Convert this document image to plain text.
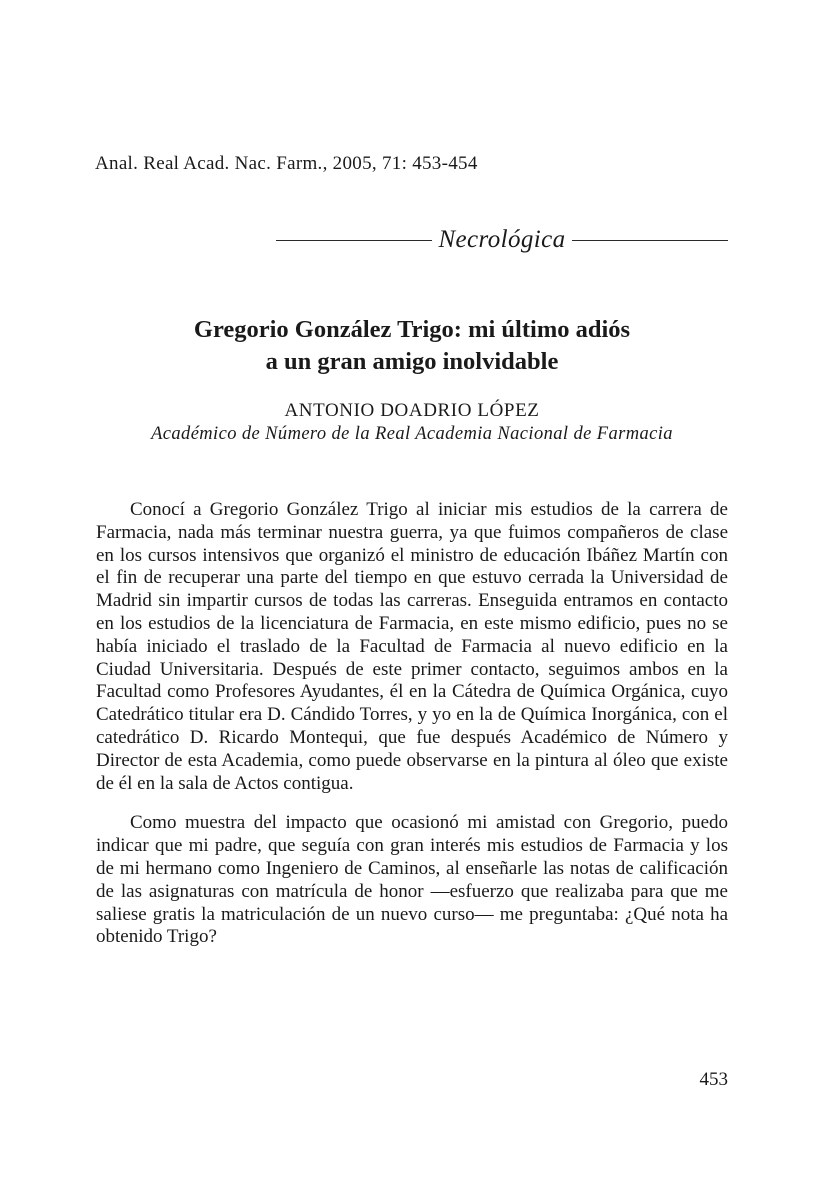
Anal. Real Acad. Nac. Farm., 2005, 71: 453-454
Necrológica
Gregorio González Trigo: mi último adiós
a un gran amigo inolvidable
ANTONIO DOADRIO LÓPEZ
Académico de Número de la Real Academia Nacional de Farmacia

Conocí a Gregorio González Trigo al iniciar mis estudios de la carrera de Farmacia, nada más terminar nuestra guerra, ya que fuimos compañeros de clase en los cursos intensivos que organizó el ministro de educación Ibáñez Martín con el fin de recuperar una parte del tiempo en que estuvo cerrada la Universidad de Madrid sin impartir cursos de todas las carreras. Enseguida entramos en contacto en los estudios de la licenciatura de Farmacia, en este mismo edificio, pues no se había iniciado el traslado de la Facultad de Farmacia al nuevo edificio en la Ciudad Universitaria. Después de este primer contacto, seguimos ambos en la Facultad como Profesores Ayudantes, él en la Cátedra de Química Orgánica, cuyo Catedrático titular era D. Cándido Torres, y yo en la de Química Inorgánica, con el catedrático D. Ricardo Montequi, que fue después Académico de Número y Director de esta Academia, como puede observarse en la pintura al óleo que existe de él en la sala de Actos contigua.

Como muestra del impacto que ocasionó mi amistad con Gregorio, puedo indicar que mi padre, que seguía con gran interés mis estudios de Farmacia y los de mi hermano como Ingeniero de Caminos, al enseñarle las notas de calificación de las asignaturas con matrícula de honor —esfuerzo que realizaba para que me saliese gratis la matriculación de un nuevo curso— me preguntaba: ¿Qué nota ha obtenido Trigo?

453
